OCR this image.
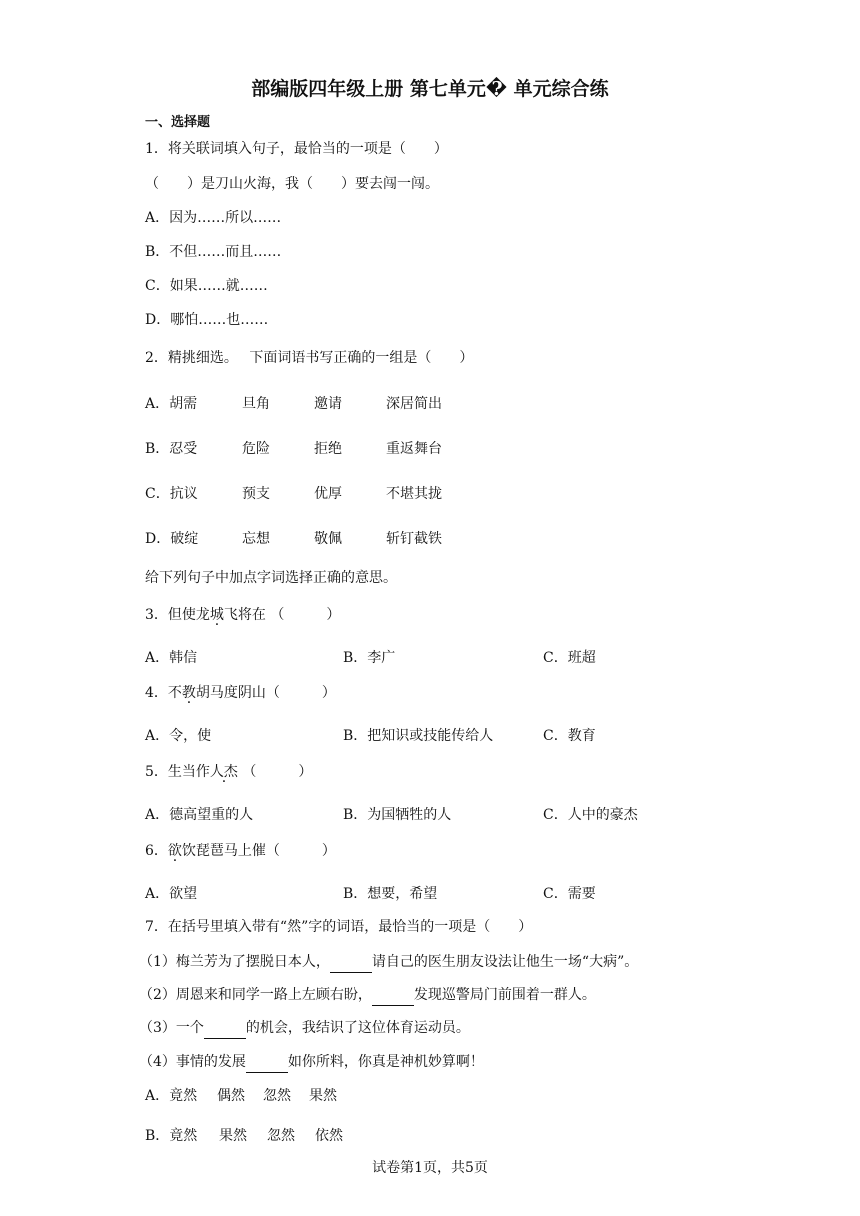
部编版四年级上册 第七单元� 单元综合练
一、选择题
1．将关联词填入句子，最恰当的一项是（　　）
（　　）是刀山火海，我（　　）要去闯一闯。
A．因为……所以……
B．不但……而且……
C．如果……就……
D．哪怕……也……
2．精挑细选。　 下面词语书写正确的一组是（　　）
A．胡需	旦角	邀请	深居简出
B．忍受	危险	拒绝	重返舞台
C．抗议	预支	优厚	不堪其拢
D．破绽	忘想	敬佩	斩钉截铁
给下列句子中加点字词选择正确的意思。
3．但使龙城飞将在 （　　　）
A．韩信	B．李广	C．班超
4．不教胡马度阴山（　　　）
A．令，使	B．把知识或技能传给人	C．教育
5．生当作人杰 （　　　）
A．德高望重的人	B．为国牺牲的人	C．人中的豪杰
6．欲饮琵琶马上催（　　　）
A．欲望	B．想要，希望	C．需要
7．在括号里填入带有“然”字的词语，最恰当的一项是（　　）
（1）梅兰芳为了摆脱日本人，	请自己的医生朋友设法让他生一场“大病”。
（2）周恩来和同学一路上左顾右盼，	发现巡警局门前围着一群人。
（3）一个	的机会，我结识了这位体育运动员。
（4）事情的发展	如你所料，你真是神机妙算啊！
A．竟然 偶然 忽然 果然
B．竟然 果然 忽然 依然
试卷第1页，共5页
